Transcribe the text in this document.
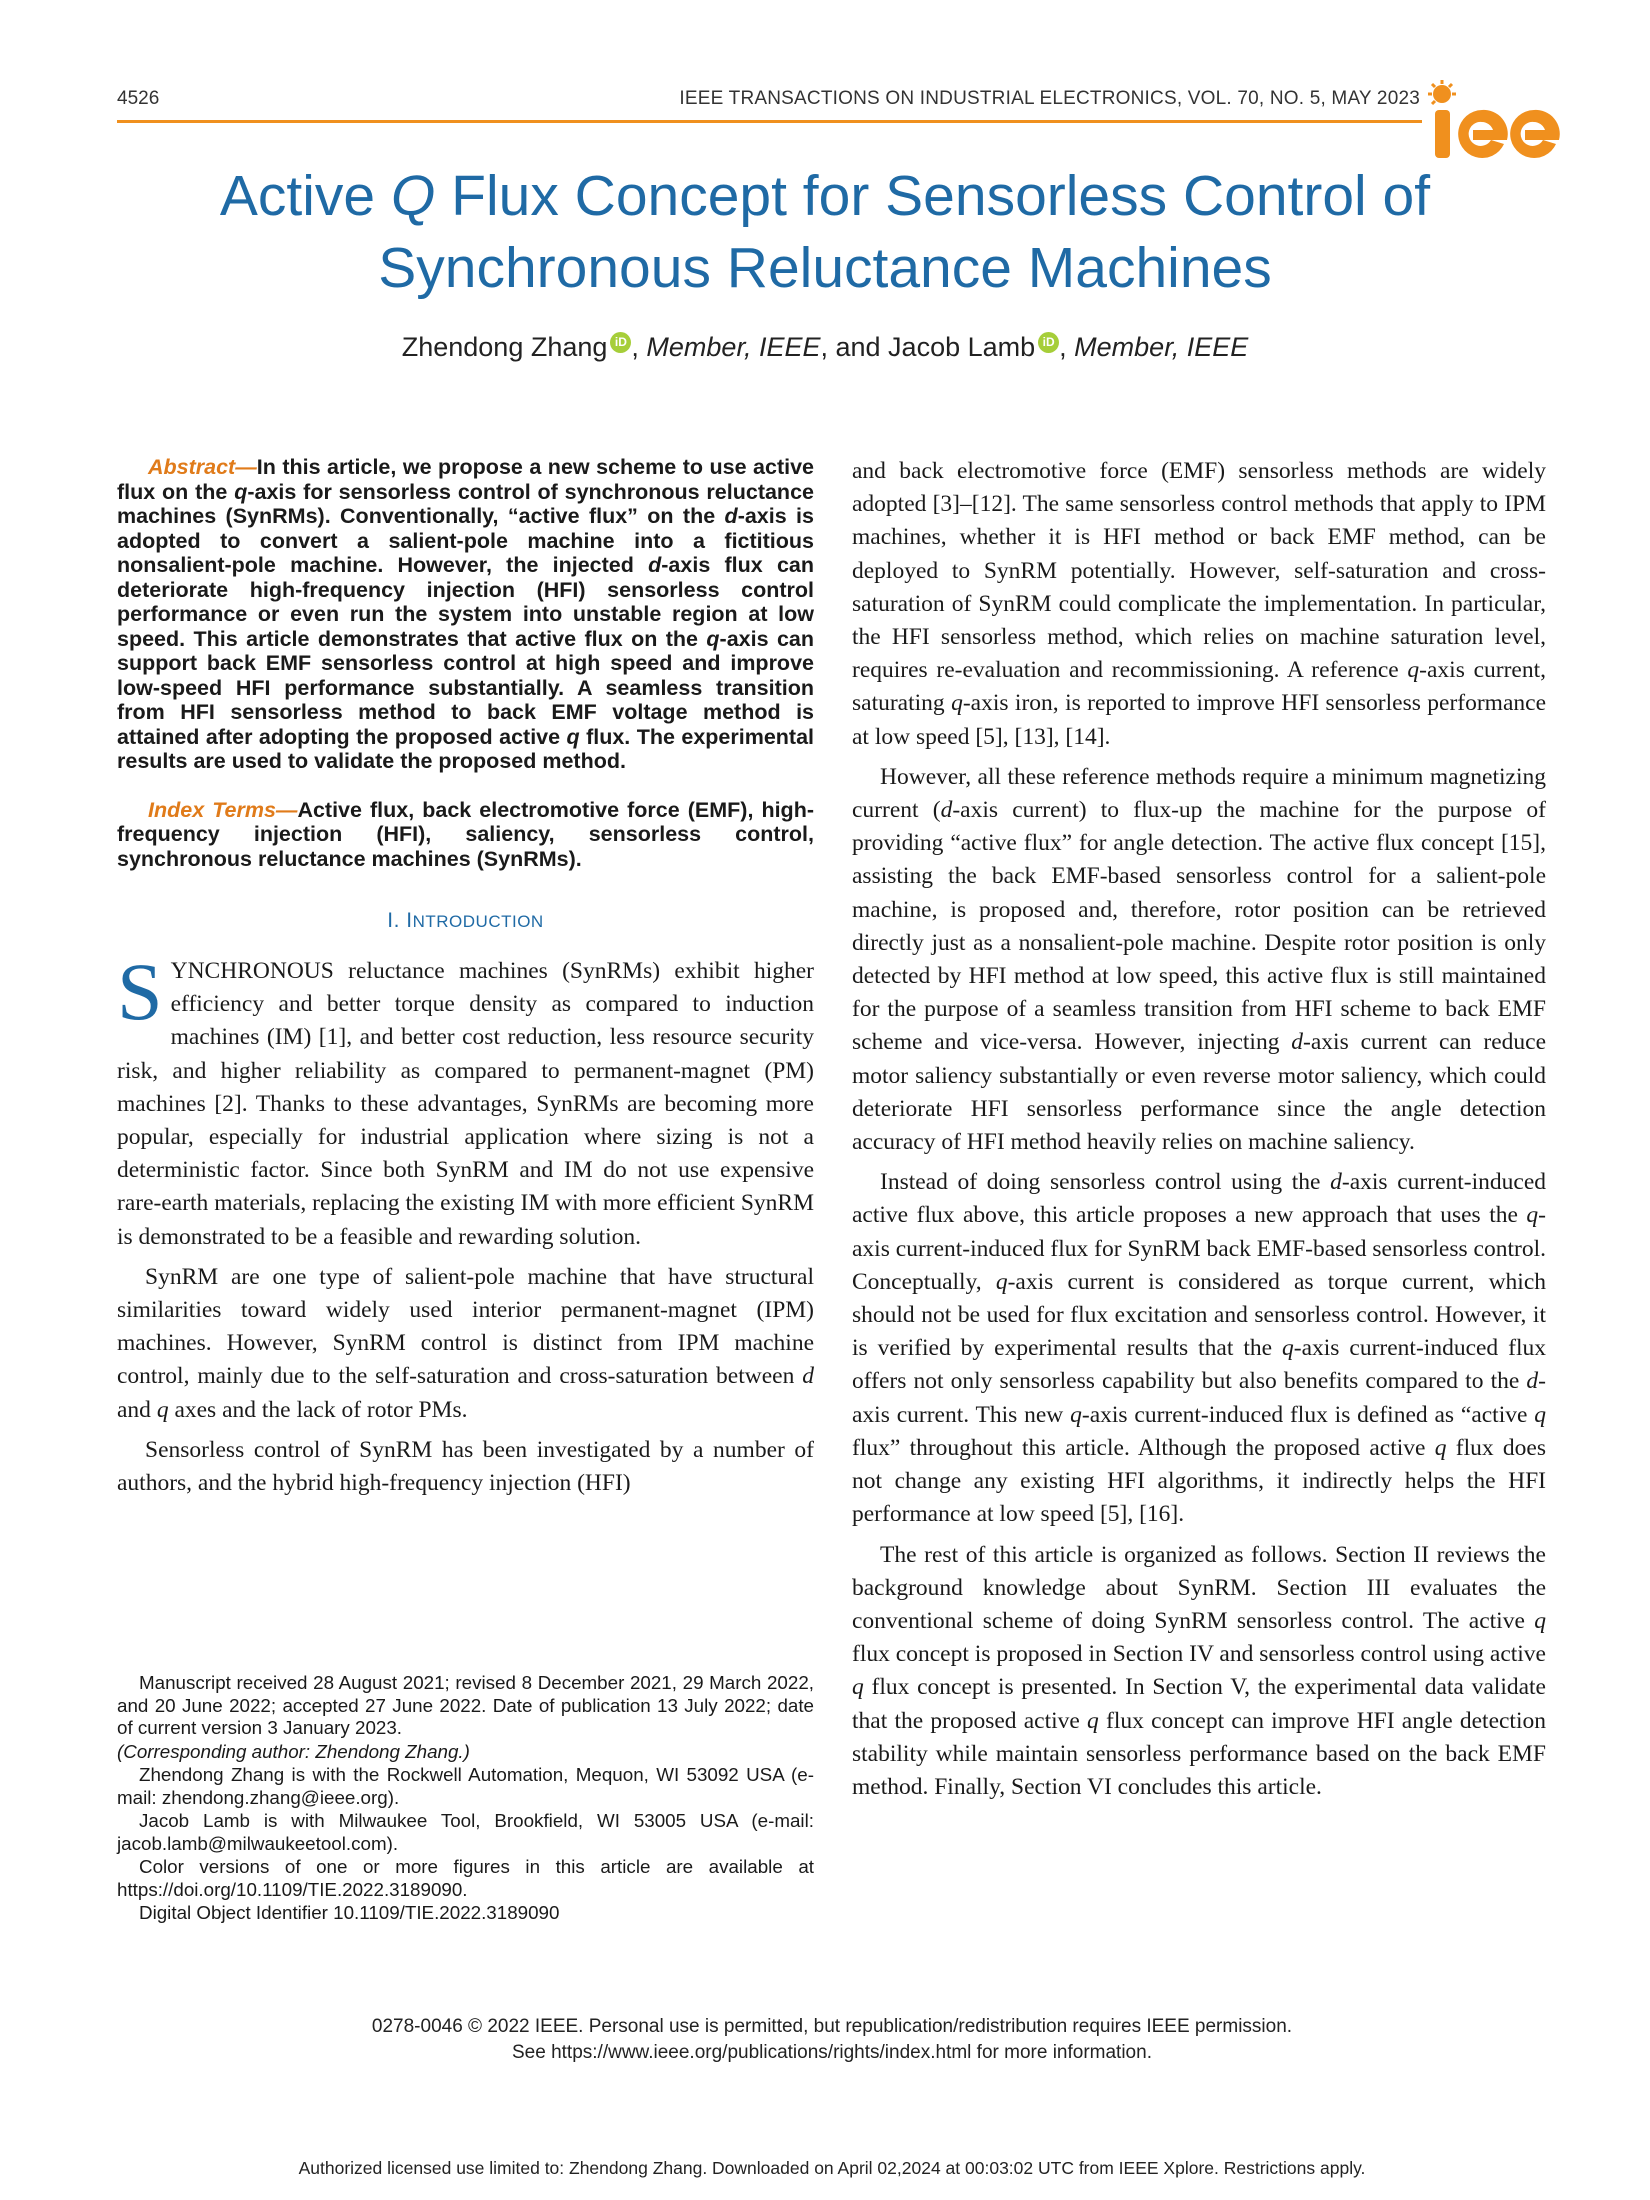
4526	IEEE TRANSACTIONS ON INDUSTRIAL ELECTRONICS, VOL. 70, NO. 5, MAY 2023
Active Q Flux Concept for Sensorless Control of
Synchronous Reluctance Machines
Zhendong Zhang iD , Member, IEEE, and Jacob Lamb iD , Member, IEEE

Abstract—In this article, we propose a new scheme to use active flux on the q-axis for sensorless control of synchronous reluctance machines (SynRMs). Conventionally, “active flux” on the d-axis is adopted to convert a salient-pole machine into a fictitious nonsalient-pole machine. However, the injected d-axis flux can deteriorate high-frequency injection (HFI) sensorless control performance or even run the system into unstable region at low speed. This article demonstrates that active flux on the q-axis can support back EMF sensorless control at high speed and improve low-speed HFI performance substantially. A seamless transition from HFI sensorless method to back EMF voltage method is attained after adopting the proposed active q flux. The experimental results are used to validate the proposed method.

Index Terms—Active flux, back electromotive force (EMF), high-frequency injection (HFI), saliency, sensorless control, synchronous reluctance machines (SynRMs).

I. INTRODUCTION

SYNCHRONOUS reluctance machines (SynRMs) exhibit higher efficiency and better torque density as compared to induction machines (IM) [1], and better cost reduction, less resource security risk, and higher reliability as compared to permanent-magnet (PM) machines [2]. Thanks to these advantages, SynRMs are becoming more popular, especially for industrial application where sizing is not a deterministic factor. Since both SynRM and IM do not use expensive rare-earth materials, replacing the existing IM with more efficient SynRM is demonstrated to be a feasible and rewarding solution.

SynRM are one type of salient-pole machine that have structural similarities toward widely used interior permanent-magnet (IPM) machines. However, SynRM control is distinct from IPM machine control, mainly due to the self-saturation and cross-saturation between d and q axes and the lack of rotor PMs.

Sensorless control of SynRM has been investigated by a number of authors, and the hybrid high-frequency injection (HFI)

Manuscript received 28 August 2021; revised 8 December 2021, 29 March 2022, and 20 June 2022; accepted 27 June 2022. Date of publication 13 July 2022; date of current version 3 January 2023.

(Corresponding author: Zhendong Zhang.)

Zhendong Zhang is with the Rockwell Automation, Mequon, WI 53092 USA (e-mail: zhendong.zhang@ieee.org).

Jacob Lamb is with Milwaukee Tool, Brookfield, WI 53005 USA (e-mail: jacob.lamb@milwaukeetool.com).

Color versions of one or more figures in this article are available at https://doi.org/10.1109/TIE.2022.3189090.

Digital Object Identifier 10.1109/TIE.2022.3189090

and back electromotive force (EMF) sensorless methods are widely adopted [3]–[12]. The same sensorless control methods that apply to IPM machines, whether it is HFI method or back EMF method, can be deployed to SynRM potentially. However, self-saturation and cross-saturation of SynRM could complicate the implementation. In particular, the HFI sensorless method, which relies on machine saturation level, requires re-evaluation and recommissioning. A reference q-axis current, saturating q-axis iron, is reported to improve HFI sensorless performance at low speed [5], [13], [14].

However, all these reference methods require a minimum magnetizing current (d-axis current) to flux-up the machine for the purpose of providing “active flux” for angle detection. The active flux concept [15], assisting the back EMF-based sensorless control for a salient-pole machine, is proposed and, therefore, rotor position can be retrieved directly just as a nonsalient-pole machine. Despite rotor position is only detected by HFI method at low speed, this active flux is still maintained for the purpose of a seamless transition from HFI scheme to back EMF scheme and vice-versa. However, injecting d-axis current can reduce motor saliency substantially or even reverse motor saliency, which could deteriorate HFI sensorless performance since the angle detection accuracy of HFI method heavily relies on machine saliency.

Instead of doing sensorless control using the d-axis current-induced active flux above, this article proposes a new approach that uses the q-axis current-induced flux for SynRM back EMF-based sensorless control. Conceptually, q-axis current is considered as torque current, which should not be used for flux excitation and sensorless control. However, it is verified by experimental results that the q-axis current-induced flux offers not only sensorless capability but also benefits compared to the d-axis current. This new q-axis current-induced flux is defined as “active q flux” throughout this article. Although the proposed active q flux does not change any existing HFI algorithms, it indirectly helps the HFI performance at low speed [5], [16].

The rest of this article is organized as follows. Section II reviews the background knowledge about SynRM. Section III evaluates the conventional scheme of doing SynRM sensorless control. The active q flux concept is proposed in Section IV and sensorless control using active q flux concept is presented. In Section V, the experimental data validate that the proposed active q flux concept can improve HFI angle detection stability while maintain sensorless performance based on the back EMF method. Finally, Section VI concludes this article.

0278-0046 © 2022 IEEE. Personal use is permitted, but republication/redistribution requires IEEE permission.
See https://www.ieee.org/publications/rights/index.html for more information.
Authorized licensed use limited to: Zhendong Zhang. Downloaded on April 02,2024 at 00:03:02 UTC from IEEE Xplore. Restrictions apply.
